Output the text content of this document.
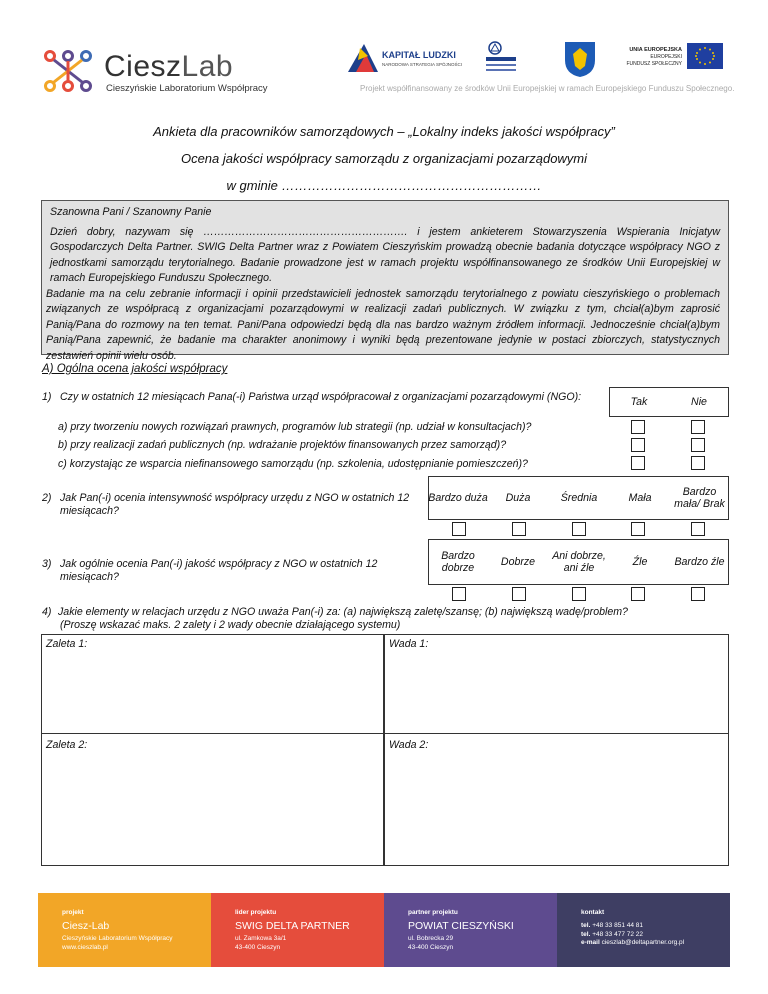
CieszLab
Cieszyńskie Laboratorium Współpracy
KAPITAŁ LUDZKI
NARODOWA STRATEGIA SPÓJNOŚCI
UNIA EUROPEJSKA
EUROPEJSKI
FUNDUSZ SPOŁECZNY
Projekt współfinansowany ze środków Unii Europejskiej w ramach Europejskiego Funduszu Społecznego.
Ankieta dla pracowników samorządowych – „Lokalny indeks jakości współpracy”
Ocena jakości współpracy samorządu z organizacjami pozarządowymi
w gminie ……………………………………………………

Szanowna Pani / Szanowny Panie

Dzień dobry, nazywam się …………………………………………………. i jestem ankieterem Stowarzyszenia Wspierania Inicjatyw Gospodarczych Delta Partner. SWIG Delta Partner wraz z Powiatem Cieszyńskim prowadzą obecnie badania dotyczące współpracy NGO z jednostkami samorządu terytorialnego. Badanie prowadzone jest w ramach projektu współfinansowanego ze środków Unii Europejskiej w ramach Europejskiego Funduszu Społecznego.

Badanie ma na celu zebranie informacji i opinii przedstawicieli jednostek samorządu terytorialnego z powiatu cieszyńskiego o problemach związanych ze współpracą z organizacjami pozarządowymi w realizacji zadań publicznych. W związku z tym, chciał(a)bym zaprosić Panią/Pana do rozmowy na ten temat. Pani/Pana odpowiedzi będą dla nas bardzo ważnym źródłem informacji. Jednocześnie chciał(a)bym Panią/Pana zapewnić, że badanie ma charakter anonimowy i wyniki będą prezentowane jedynie w postaci zbiorczych, statystycznych zestawień opinii wielu osób.

A) Ogólna ocena jakości współpracy
1) Czy w ostatnich 12 miesiącach Pana(-i) Państwa urząd współpracował z organizacjami pozarządowymi (NGO):	Tak	Nie
a) przy tworzeniu nowych rozwiązań prawnych, programów lub strategii (np. udział w konsultacjach)?
b) przy realizacji zadań publicznych (np. wdrażanie projektów finansowanych przez samorząd)?
c) korzystając ze wsparcia niefinansowego samorządu (np. szkolenia, udostępnianie pomieszczeń)?
2) Jak Pan(-i) ocenia intensywność współpracy urzędu z NGO w ostatnich 12 miesiącach?
Bardzo duża	Duża	Średnia	Mała	Bardzo mała/ Brak
3) Jak ogólnie ocenia Pan(-i) jakość współpracy z NGO w ostatnich 12 miesiącach?
Bardzo dobrze	Dobrze	Ani dobrze, ani źle	Źle	Bardzo źle
4) Jakie elementy w relacjach urzędu z NGO uważa Pan(-i) za: (a) największą zaletę/szansę; (b) największą wadę/problem?
(Proszę wskazać maks. 2 zalety i 2 wady obecnie działającego systemu)
Zaleta 1:	Wada 1:
Zaleta 2:	Wada 2:
projekt
Ciesz-Lab
Cieszyńskie Laboratorium Współpracy
www.cieszlab.pl
lider projektu
SWIG DELTA PARTNER
ul. Zamkowa 3a/1
43-400 Cieszyn
partner projektu
POWIAT CIESZYŃSKI
ul. Bobrecka 29
43-400 Cieszyn
kontakt
tel. +48 33 851 44 81
tel. +48 33 477 72 22
e-mail cieszlab@deltapartner.org.pl
